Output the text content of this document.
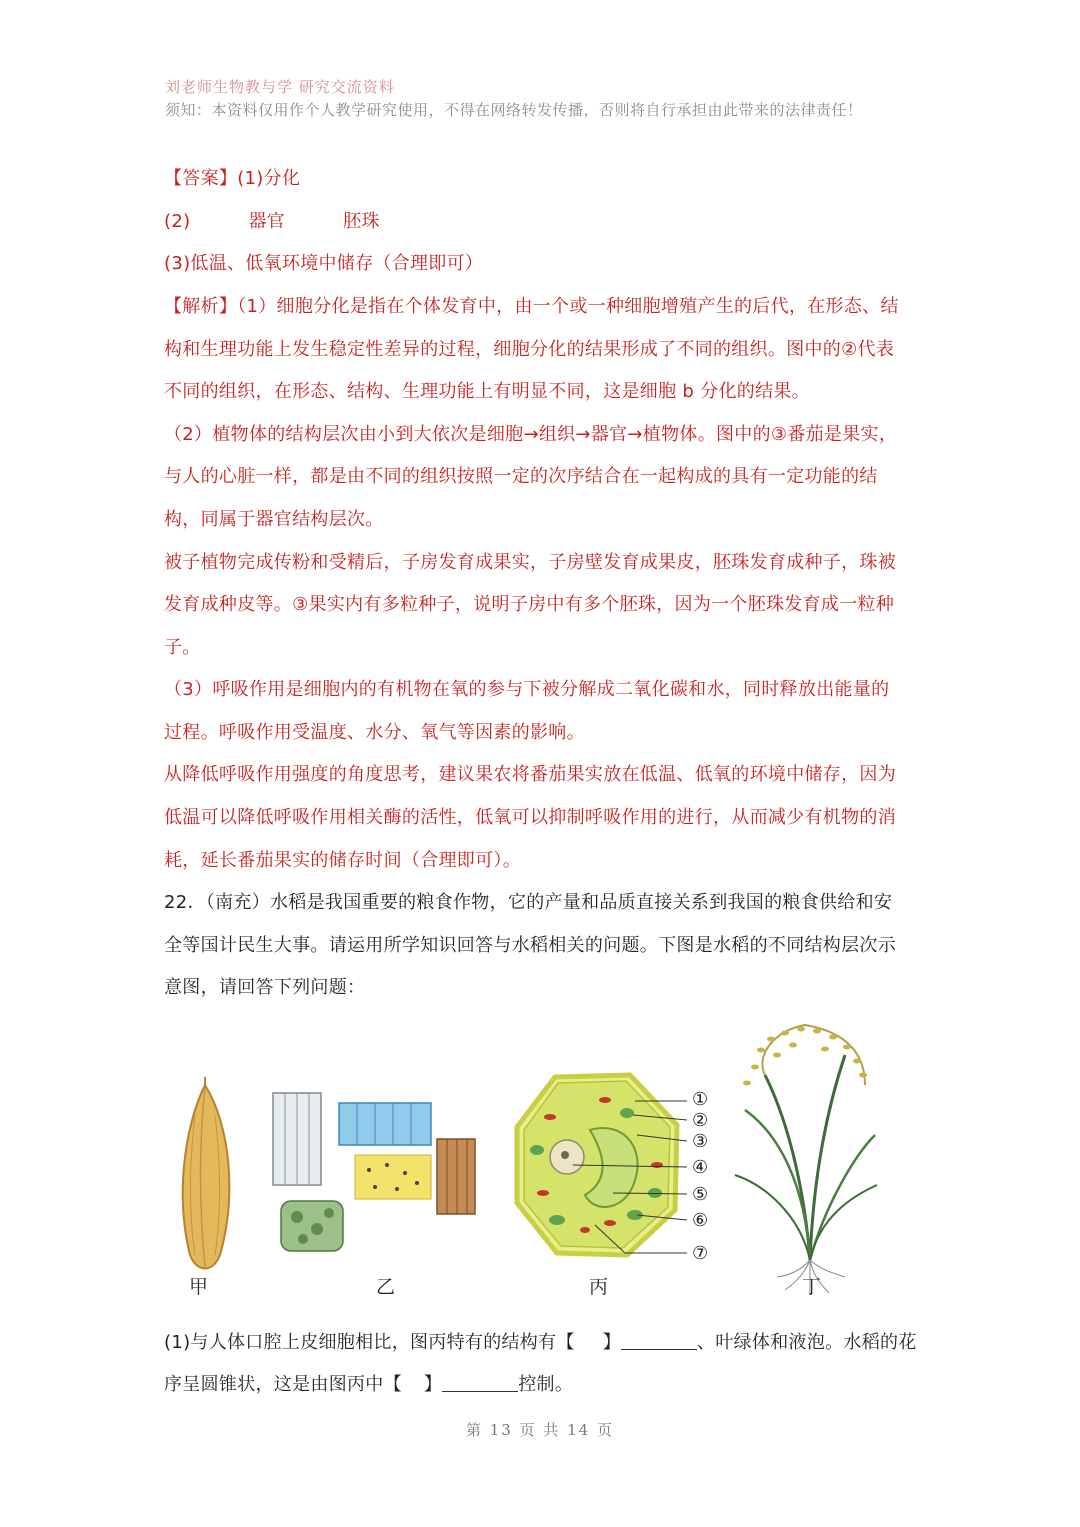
刘老师生物教与学 研究交流资料
须知：本资料仅用作个人教学研究使用，不得在网络转发传播，否则将自行承担由此带来的法律责任！
【答案】(1)分化
(2)	器官	胚珠
(3)低温、低氧环境中储存（合理即可）
【解析】（1）细胞分化是指在个体发育中，由一个或一种细胞增殖产生的后代，在形态、结
构和生理功能上发生稳定性差异的过程，细胞分化的结果形成了不同的组织。图中的②代表
不同的组织，在形态、结构、生理功能上有明显不同，这是细胞 b 分化的结果。
（2）植物体的结构层次由小到大依次是细胞→组织→器官→植物体。图中的③番茄是果实，
与人的心脏一样，都是由不同的组织按照一定的次序结合在一起构成的具有一定功能的结
构，同属于器官结构层次。
被子植物完成传粉和受精后，子房发育成果实，子房壁发育成果皮，胚珠发育成种子，珠被
发育成种皮等。③果实内有多粒种子，说明子房中有多个胚珠，因为一个胚珠发育成一粒种
子。
（3）呼吸作用是细胞内的有机物在氧的参与下被分解成二氧化碳和水，同时释放出能量的
过程。呼吸作用受温度、水分、氧气等因素的影响。
从降低呼吸作用强度的角度思考，建议果农将番茄果实放在低温、低氧的环境中储存，因为
低温可以降低呼吸作用相关酶的活性，低氧可以抑制呼吸作用的进行，从而减少有机物的消
耗，延长番茄果实的储存时间（合理即可）。
22．（南充）水稻是我国重要的粮食作物，它的产量和品质直接关系到我国的粮食供给和安
全等国计民生大事。请运用所学知识回答与水稻相关的问题。下图是水稻的不同结构层次示
意图，请回答下列问题：
甲	乙	丙	丁
①
②
③
④
⑤
⑥
⑦
(1)与人体口腔上皮细胞相比，图丙特有的结构有【 】	、叶绿体和液泡。水稻的花
序呈圆锥状，这是由图丙中【 】	控制。
第 13 页 共 14 页
